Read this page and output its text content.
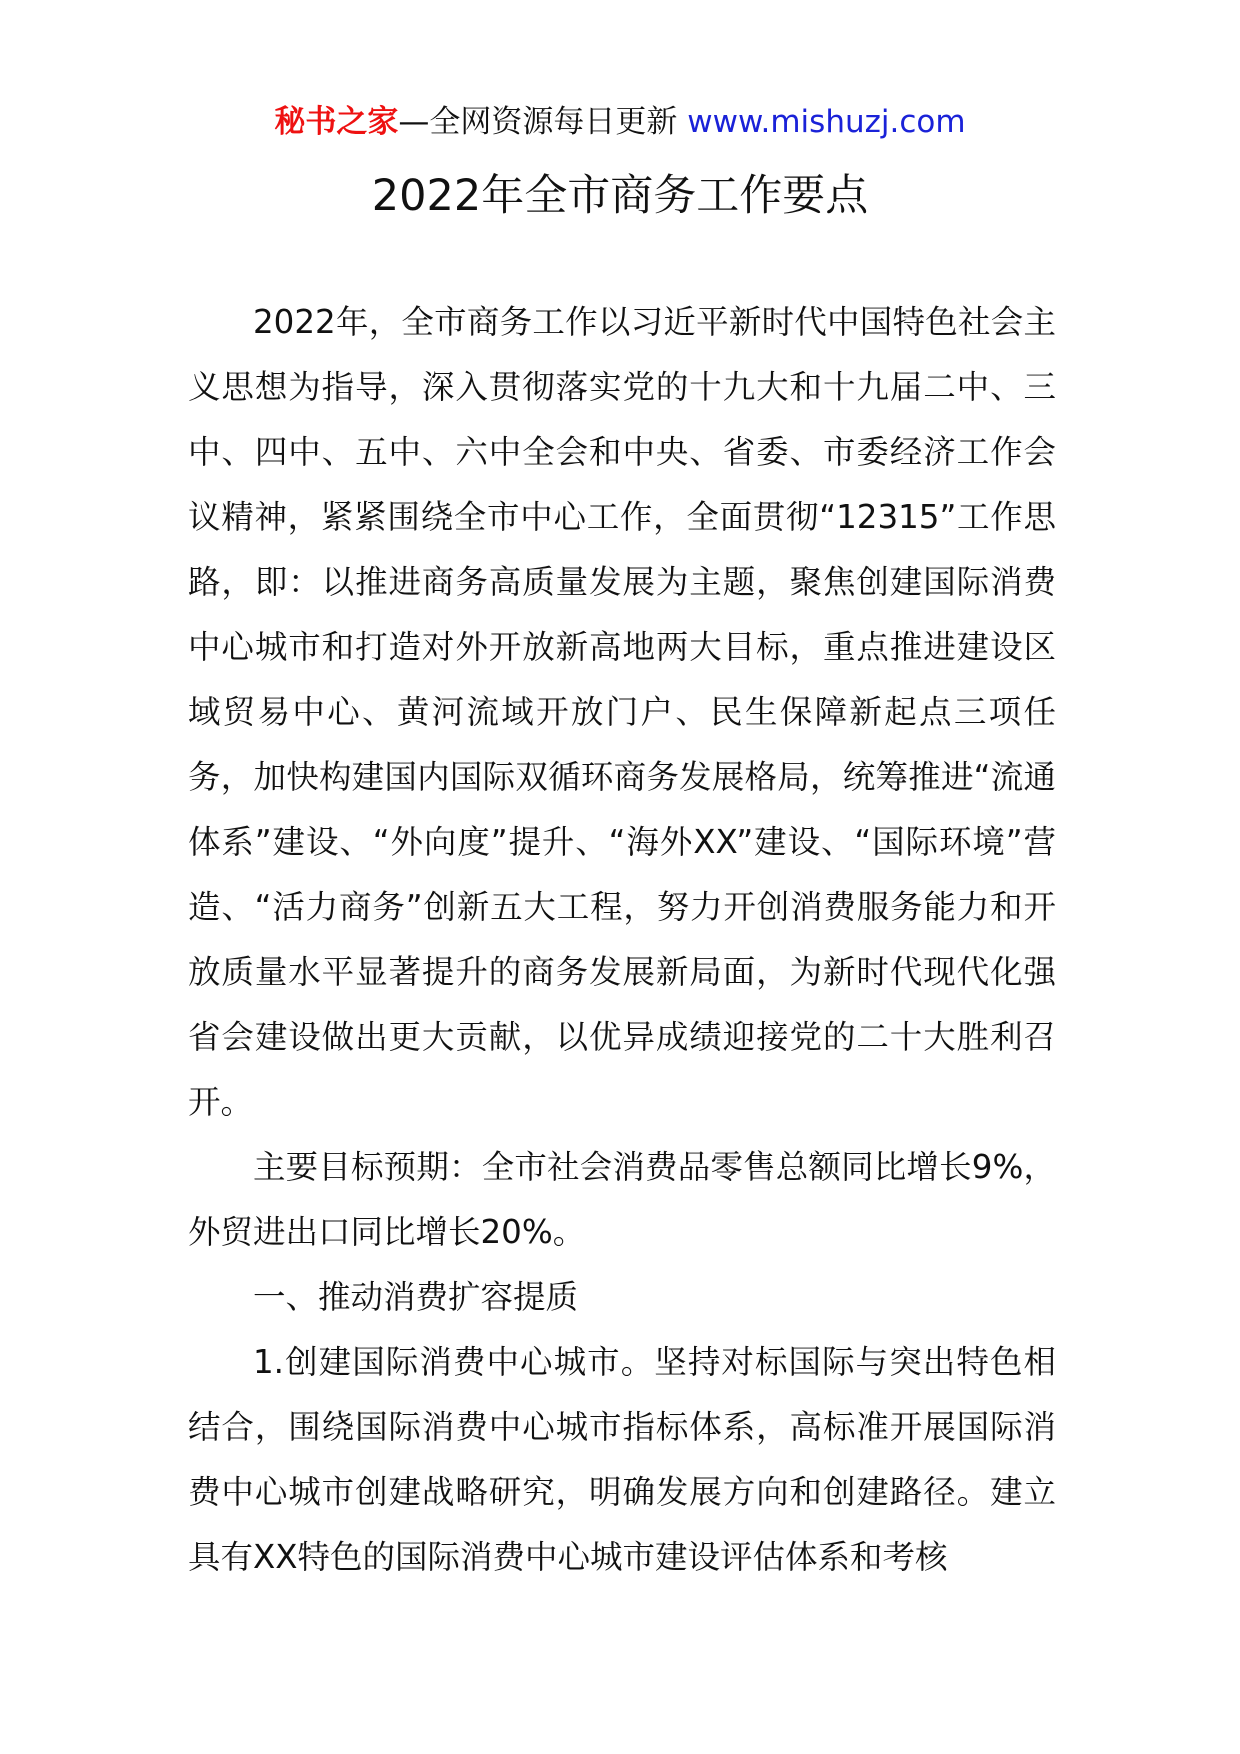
秘书之家—全网资源每日更新 www.mishuzj.com
2022年全市商务工作要点

2022年，全市商务工作以习近平新时代中国特色社会主义思想为指导，深入贯彻落实党的十九大和十九届二中、三中、四中、五中、六中全会和中央、省委、市委经济工作会议精神，紧紧围绕全市中心工作，全面贯彻“12315”工作思路，即：以推进商务高质量发展为主题，聚焦创建国际消费中心城市和打造对外开放新高地两大目标，重点推进建设区域贸易中心、黄河流域开放门户、民生保障新起点三项任务，加快构建国内国际双循环商务发展格局，统筹推进“流通体系”建设、“外向度”提升、“海外XX”建设、“国际环境”营造、“活力商务”创新五大工程，努力开创消费服务能力和开放质量水平显著提升的商务发展新局面，为新时代现代化强省会建设做出更大贡献，以优异成绩迎接党的二十大胜利召开。

主要目标预期：全市社会消费品零售总额同比增长9%，外贸进出口同比增长20%。

一、推动消费扩容提质

1.创建国际消费中心城市。坚持对标国际与突出特色相结合，围绕国际消费中心城市指标体系，高标准开展国际消费中心城市创建战略研究，明确发展方向和创建路径。建立具有XX特色的国际消费中心城市建设评估体系和考核
